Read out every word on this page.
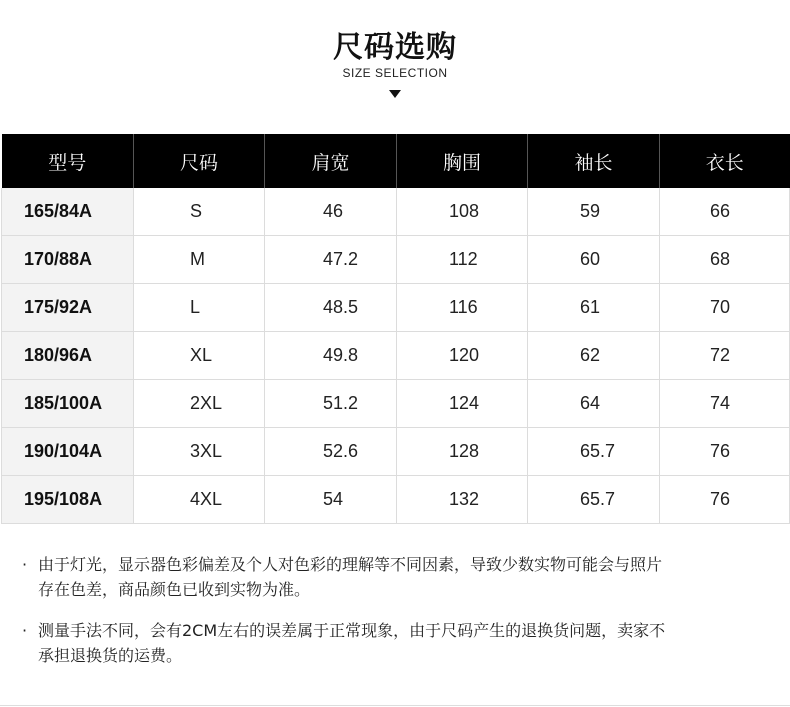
尺码选购
SIZE SELECTION
型号	尺码	肩宽	胸围	袖长	衣长
165/84A	S	46	108	59	66
170/88A	M	47.2	112	60	68
175/92A	L	48.5	116	61	70
180/96A	XL	49.8	120	62	72
185/100A	2XL	51.2	124	64	74
190/104A	3XL	52.6	128	65.7	76
195/108A	4XL	54	132	65.7	76
· 由于灯光，显示器色彩偏差及个人对色彩的理解等不同因素，导致少数实物可能会与照片
存在色差，商品颜色已收到实物为准。
· 测量手法不同，会有2CM左右的误差属于正常现象，由于尺码产生的退换货问题，卖家不
承担退换货的运费。
